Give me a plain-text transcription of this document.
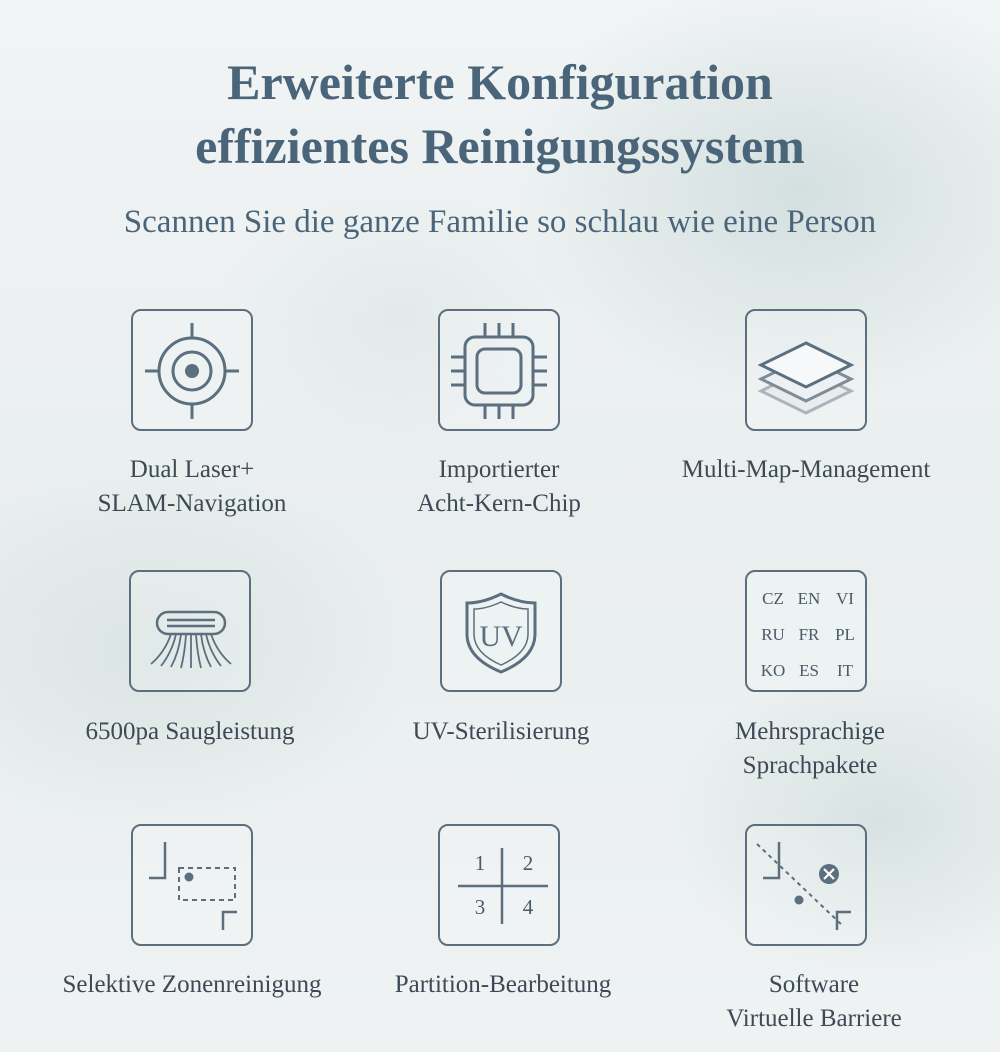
Erweiterte Konfiguration
effizientes Reinigungssystem

Scannen Sie die ganze Familie so schlau wie eine Person

Dual Laser+
SLAM-Navigation
Importierter
Acht-Kern-Chip
Multi-Map-Management
6500pa Saugleistung
UV
UV-Sterilisierung
CZ EN VI
RU FR PL
KO ES IT
Mehrsprachige
Sprachpakete
Selektive Zonenreinigung
1 2
3 4
Partition-Bearbeitung	Software
Virtuelle Barriere
